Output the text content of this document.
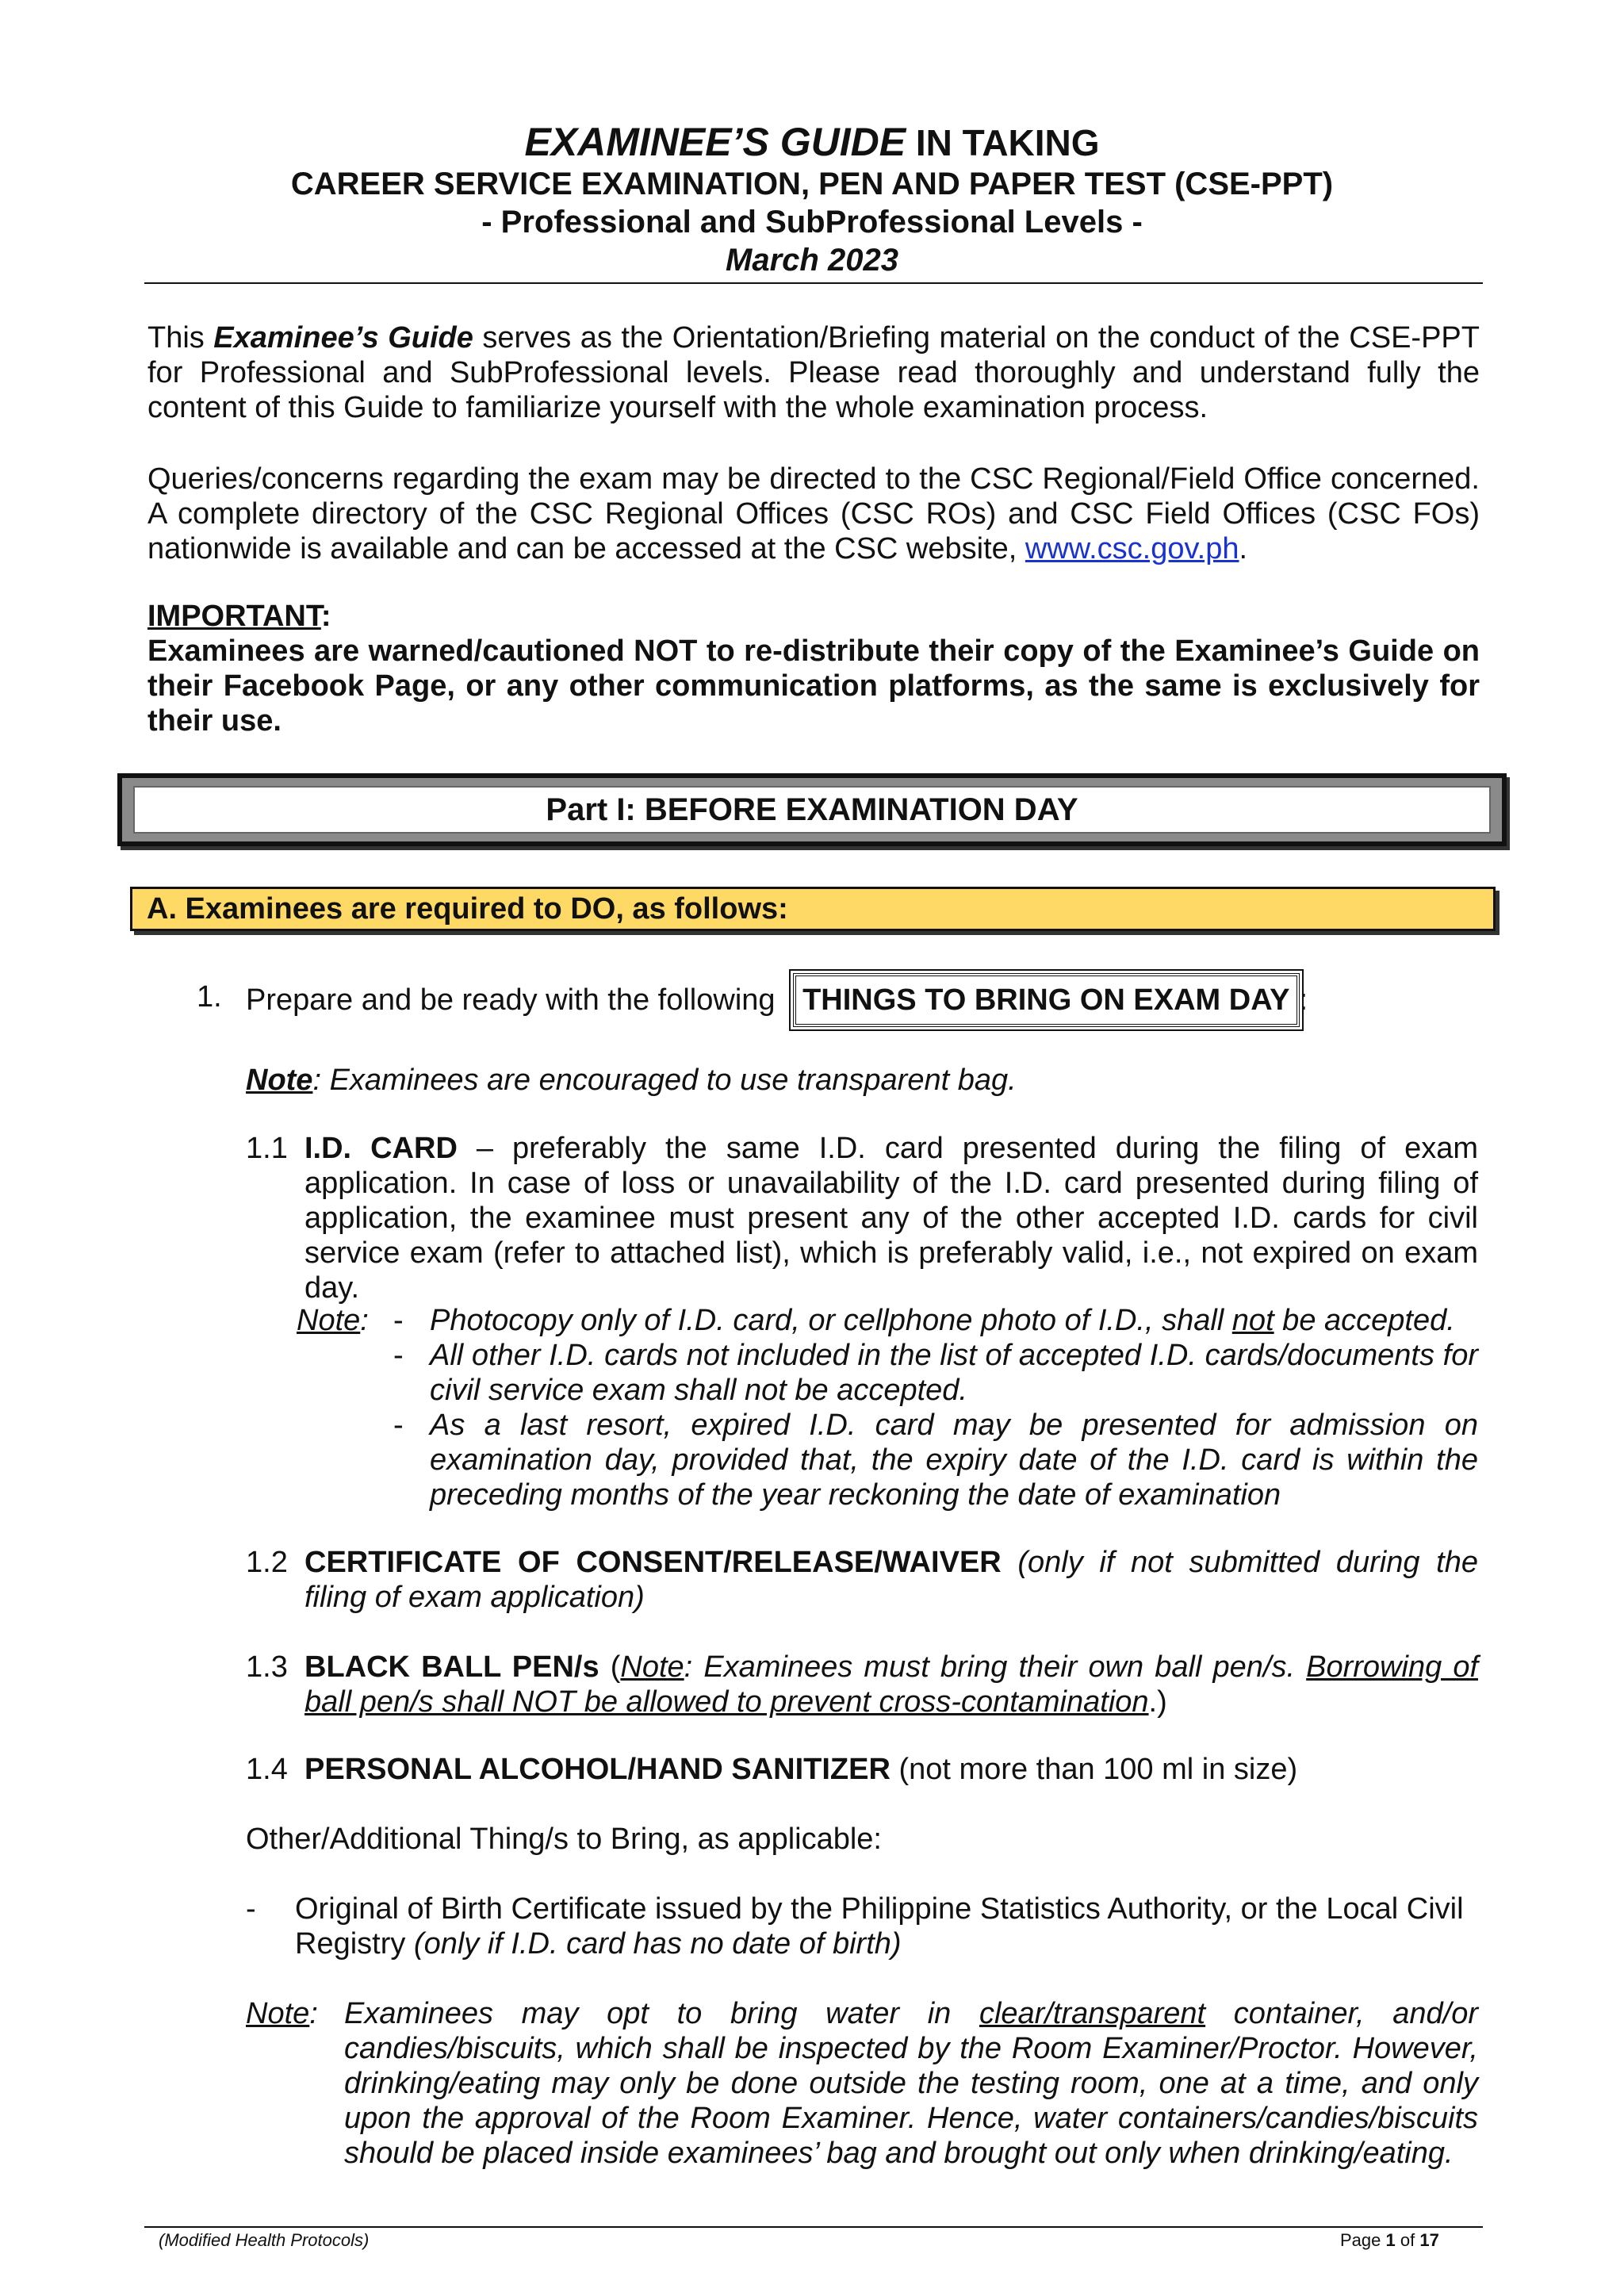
EXAMINEE’S GUIDE IN TAKING
CAREER SERVICE EXAMINATION, PEN AND PAPER TEST (CSE-PPT)
- Professional and SubProfessional Levels -
March 2023
This Examinee’s Guide serves as the Orientation/Briefing material on the conduct of the CSE-PPT for Professional and SubProfessional levels. Please read thoroughly and understand fully the content of this Guide to familiarize yourself with the whole examination process.
Queries/concerns regarding the exam may be directed to the CSC Regional/Field Office concerned. A complete directory of the CSC Regional Offices (CSC ROs) and CSC Field Offices (CSC FOs) nationwide is available and can be accessed at the CSC website, www.csc.gov.ph.
IMPORTANT:
Examinees are warned/cautioned NOT to re-distribute their copy of the Examinee’s Guide on their Facebook Page, or any other communication platforms, as the same is exclusively for their use.
Part I: BEFORE EXAMINATION DAY
A. Examinees are required to DO, as follows:
1. Prepare and be ready with the following THINGS TO BRING ON EXAM DAY :
Note: Examinees are encouraged to use transparent bag.
1.1 I.D. CARD – preferably the same I.D. card presented during the filing of exam application. In case of loss or unavailability of the I.D. card presented during filing of application, the examinee must present any of the other accepted I.D. cards for civil service exam (refer to attached list), which is preferably valid, i.e., not expired on exam day.
Note: - Photocopy only of I.D. card, or cellphone photo of I.D., shall not be accepted.
- All other I.D. cards not included in the list of accepted I.D. cards/documents for civil service exam shall not be accepted.
- As a last resort, expired I.D. card may be presented for admission on examination day, provided that, the expiry date of the I.D. card is within the preceding months of the year reckoning the date of examination
1.2 CERTIFICATE OF CONSENT/RELEASE/WAIVER (only if not submitted during the filing of exam application)
1.3 BLACK BALL PEN/s (Note: Examinees must bring their own ball pen/s. Borrowing of ball pen/s shall NOT be allowed to prevent cross-contamination.)
1.4 PERSONAL ALCOHOL/HAND SANITIZER (not more than 100 ml in size)
Other/Additional Thing/s to Bring, as applicable:
- Original of Birth Certificate issued by the Philippine Statistics Authority, or the Local Civil Registry (only if I.D. card has no date of birth)
Note: Examinees may opt to bring water in clear/transparent container, and/or candies/biscuits, which shall be inspected by the Room Examiner/Proctor. However, drinking/eating may only be done outside the testing room, one at a time, and only upon the approval of the Room Examiner. Hence, water containers/candies/biscuits should be placed inside examinees’ bag and brought out only when drinking/eating.
(Modified Health Protocols)	Page 1 of 17
